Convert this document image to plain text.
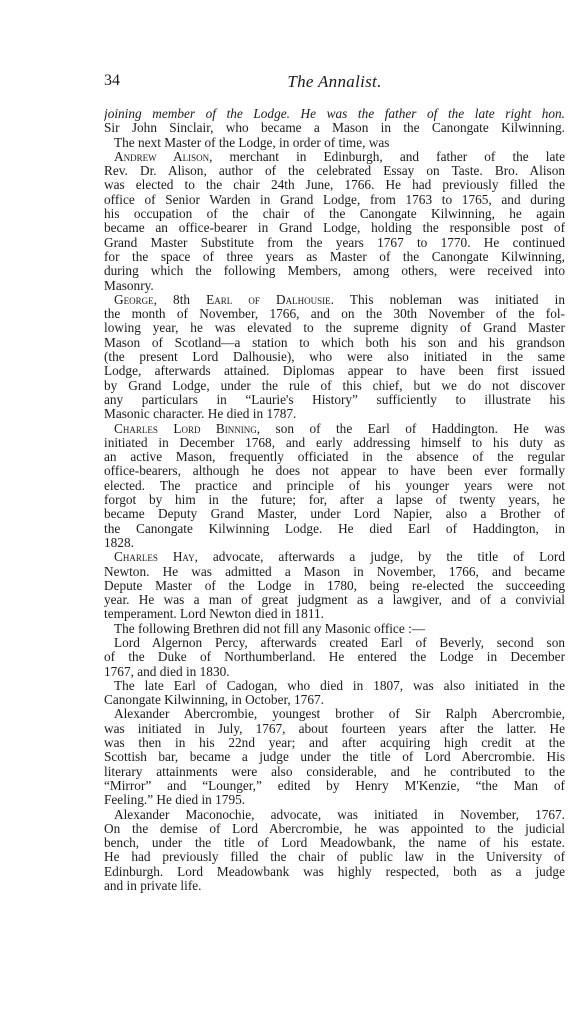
34	The Annalist.
joining member of the Lodge. He was the father of the late right hon.
Sir John Sinclair, who became a Mason in the Canongate Kilwinning.
The next Master of the Lodge, in order of time, was
Andrew Alison, merchant in Edinburgh, and father of the late
Rev. Dr. Alison, author of the celebrated Essay on Taste. Bro. Alison
was elected to the chair 24th June, 1766. He had previously filled the
office of Senior Warden in Grand Lodge, from 1763 to 1765, and during
his occupation of the chair of the Canongate Kilwinning, he again
became an office-bearer in Grand Lodge, holding the responsible post of
Grand Master Substitute from the years 1767 to 1770. He continued
for the space of three years as Master of the Canongate Kilwinning,
during which the following Members, among others, were received into
Masonry.
George, 8th Earl of Dalhousie. This nobleman was initiated in
the month of November, 1766, and on the 30th November of the fol-
lowing year, he was elevated to the supreme dignity of Grand Master
Mason of Scotland—a station to which both his son and his grandson
(the present Lord Dalhousie), who were also initiated in the same
Lodge, afterwards attained. Diplomas appear to have been first issued
by Grand Lodge, under the rule of this chief, but we do not discover
any particulars in “Laurie's History” sufficiently to illustrate his
Masonic character. He died in 1787.
Charles Lord Binning, son of the Earl of Haddington. He was
initiated in December 1768, and early addressing himself to his duty as
an active Mason, frequently officiated in the absence of the regular
office-bearers, although he does not appear to have been ever formally
elected. The practice and principle of his younger years were not
forgot by him in the future; for, after a lapse of twenty years, he
became Deputy Grand Master, under Lord Napier, also a Brother of
the Canongate Kilwinning Lodge. He died Earl of Haddington, in
1828.
Charles Hay, advocate, afterwards a judge, by the title of Lord
Newton. He was admitted a Mason in November, 1766, and became
Depute Master of the Lodge in 1780, being re-elected the succeeding
year. He was a man of great judgment as a lawgiver, and of a convivial
temperament. Lord Newton died in 1811.
The following Brethren did not fill any Masonic office :—
Lord Algernon Percy, afterwards created Earl of Beverly, second son
of the Duke of Northumberland. He entered the Lodge in December
1767, and died in 1830.
The late Earl of Cadogan, who died in 1807, was also initiated in the
Canongate Kilwinning, in October, 1767.
Alexander Abercrombie, youngest brother of Sir Ralph Abercrombie,
was initiated in July, 1767, about fourteen years after the latter. He
was then in his 22nd year; and after acquiring high credit at the
Scottish bar, became a judge under the title of Lord Abercrombie. His
literary attainments were also considerable, and he contributed to the
“Mirror” and “Lounger,” edited by Henry M'Kenzie, “the Man of
Feeling.” He died in 1795.
Alexander Maconochie, advocate, was initiated in November, 1767.
On the demise of Lord Abercrombie, he was appointed to the judicial
bench, under the title of Lord Meadowbank, the name of his estate.
He had previously filled the chair of public law in the University of
Edinburgh. Lord Meadowbank was highly respected, both as a judge
and in private life.
